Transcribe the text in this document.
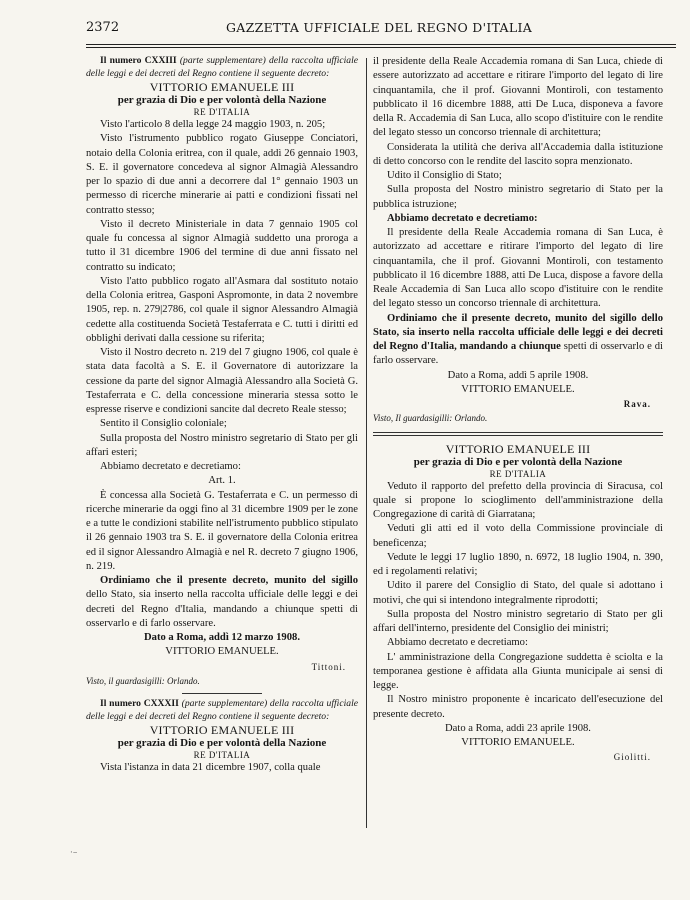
2372	GAZZETTA UFFICIALE DEL REGNO D'ITALIA

Il numero CXXIII (parte supplementare) della raccolta ufficiale delle leggi e dei decreti del Regno contiene il seguente decreto:

VITTORIO EMANUELE III

per grazia di Dio e per volontà della Nazione

RE D'ITALIA

Visto l'articolo 8 della legge 24 maggio 1903, n. 205;

Visto l'istrumento pubblico rogato Giuseppe Conciatori, notaio della Colonia eritrea, con il quale, addì 26 gennaio 1903, S. E. il governatore concedeva al signor Almagià Alessandro per lo spazio di due anni a decorrere dal 1° gennaio 1903 un permesso di ricerche minerarie ai patti e condizioni fissati nel contratto stesso;

Visto il decreto Ministeriale in data 7 gennaio 1905 col quale fu concessa al signor Almagià suddetto una proroga a tutto il 31 dicembre 1906 del termine di due anni fissato nel contratto su indicato;

Visto l'atto pubblico rogato all'Asmara dal sostituto notaio della Colonia eritrea, Gasponi Aspromonte, in data 2 novembre 1905, rep. n. 279|2786, col quale il signor Alessandro Almagià cedette alla costituenda Società Testaferrata e C. tutti i diritti ed obblighi derivati dalla cessione su riferita;

Visto il Nostro decreto n. 219 del 7 giugno 1906, col quale è stata data facoltà a S. E. il Governatore di autorizzare la cessione da parte del signor Almagià Alessandro alla Società G. Testaferrata e C. della concessione mineraria stessa sotto le espresse riserve e condizioni sancite dal decreto Reale stesso;

Sentito il Consiglio coloniale;

Sulla proposta del Nostro ministro segretario di Stato per gli affari esteri;

Abbiamo decretato e decretiamo:

Art. 1.

È concessa alla Società G. Testaferrata e C. un permesso di ricerche minerarie da oggi fino al 31 dicembre 1909 per le zone e a tutte le condizioni stabilite nell'istrumento pubblico stipulato il 26 gennaio 1903 tra S. E. il governatore della Colonia eritrea ed il signor Alessandro Almagià e nel R. decreto 7 giugno 1906, n. 219.

Ordiniamo che il presente decreto, munito del sigillo dello Stato, sia inserto nella raccolta ufficiale delle leggi e dei decreti del Regno d'Italia, mandando a chiunque spetti di osservarlo e di farlo osservare.

Dato a Roma, addì 12 marzo 1908.

VITTORIO EMANUELE.

Tittoni.

Visto, il guardasigilli: Orlando.

Il numero CXXXII (parte supplementare) della raccolta ufficiale delle leggi e dei decreti del Regno contiene il seguente decreto:

VITTORIO EMANUELE III

per grazia di Dio e per volontà della Nazione

RE D'ITALIA

Vista l'istanza in data 21 dicembre 1907, colla quale

il presidente della Reale Accademia romana di San Luca, chiede di essere autorizzato ad accettare e ritirare l'importo del legato di lire cinquantamila, che il prof. Giovanni Montiroli, con testamento pubblicato il 16 dicembre 1888, atti De Luca, disponeva a favore della R. Accademia di San Luca, allo scopo d'istituire con le rendite del legato stesso un concorso triennale di architettura;

Considerata la utilità che deriva all'Accademia dalla istituzione di detto concorso con le rendite del lascito sopra menzionato.

Udito il Consiglio di Stato;

Sulla proposta del Nostro ministro segretario di Stato per la pubblica istruzione;

Abbiamo decretato e decretiamo:

Il presidente della Reale Accademia romana di San Luca, è autorizzato ad accettare e ritirare l'importo del legato di lire cinquantamila, che il prof. Giovanni Montiroli, con testamento pubblicato il 16 dicembre 1888, atti De Luca, dispose a favore della Reale Accademia di San Luca allo scopo d'istituire con le rendite del legato stesso un concorso triennale di architettura.

Ordiniamo che il presente decreto, munito del sigillo dello Stato, sia inserto nella raccolta ufficiale delle leggi e dei decreti del Regno d'Italia, mandando a chiunque spetti di osservarlo e di farlo osservare.

Dato a Roma, addì 5 aprile 1908.

VITTORIO EMANUELE.

Rava.

Visto, Il guardasigilli: Orlando.

VITTORIO EMANUELE III

per grazia di Dio e per volontà della Nazione

RE D'ITALIA

Veduto il rapporto del prefetto della provincia di Siracusa, col quale si propone lo scioglimento dell'amministrazione della Congregazione di carità di Giarratana;

Veduti gli atti ed il voto della Commissione provinciale di beneficenza;

Vedute le leggi 17 luglio 1890, n. 6972, 18 luglio 1904, n. 390, ed i regolamenti relativi;

Udito il parere del Consiglio di Stato, del quale si adottano i motivi, che qui si intendono integralmente riprodotti;

Sulla proposta del Nostro ministro segretario di Stato per gli affari dell'interno, presidente del Consiglio dei ministri;

Abbiamo decretato e decretiamo:

L' amministrazione della Congregazione suddetta è sciolta e la temporanea gestione è affidata alla Giunta municipale ai sensi di legge.

Il Nostro ministro proponente è incaricato dell'esecuzione del presente decreto.

Dato a Roma, addì 23 aprile 1908.

VITTORIO EMANUELE.

Giolitti.

·–
